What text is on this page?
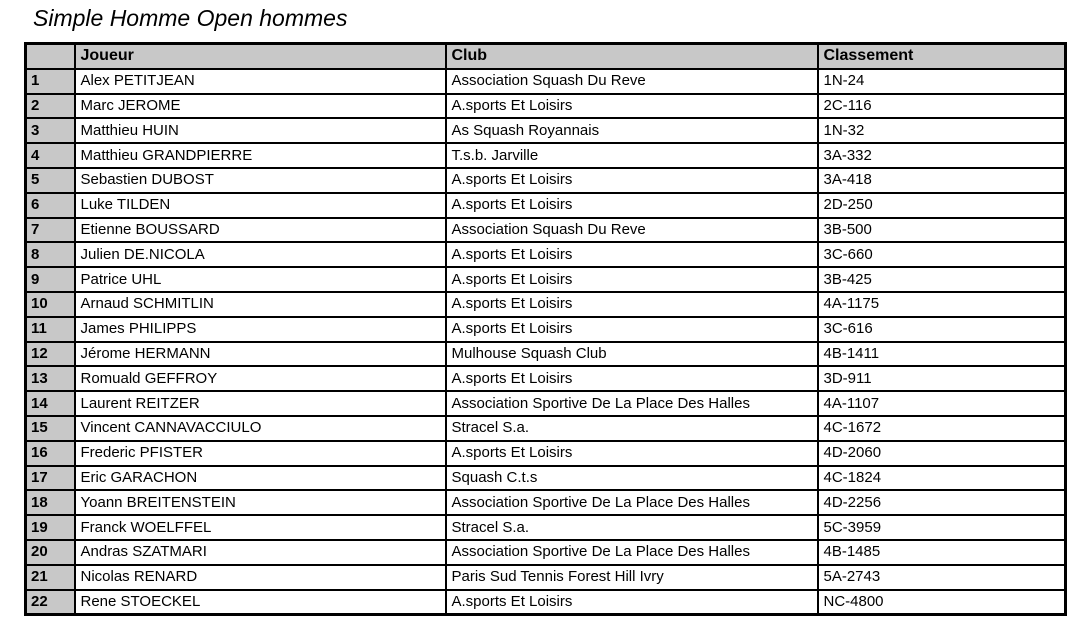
Simple Homme Open hommes
	Joueur	Club	Classement
1	Alex PETITJEAN	Association Squash Du Reve	1N-24
2	Marc JEROME	A.sports Et Loisirs	2C-116
3	Matthieu HUIN	As Squash Royannais	1N-32
4	Matthieu GRANDPIERRE	T.s.b. Jarville	3A-332
5	Sebastien DUBOST	A.sports Et Loisirs	3A-418
6	Luke TILDEN	A.sports Et Loisirs	2D-250
7	Etienne BOUSSARD	Association Squash Du Reve	3B-500
8	Julien DE.NICOLA	A.sports Et Loisirs	3C-660
9	Patrice UHL	A.sports Et Loisirs	3B-425
10	Arnaud SCHMITLIN	A.sports Et Loisirs	4A-1175
11	James PHILIPPS	A.sports Et Loisirs	3C-616
12	Jérome HERMANN	Mulhouse Squash Club	4B-1411
13	Romuald GEFFROY	A.sports Et Loisirs	3D-911
14	Laurent REITZER	Association Sportive De La Place Des Halles	4A-1107
15	Vincent CANNAVACCIULO	Stracel S.a.	4C-1672
16	Frederic PFISTER	A.sports Et Loisirs	4D-2060
17	Eric GARACHON	Squash C.t.s	4C-1824
18	Yoann BREITENSTEIN	Association Sportive De La Place Des Halles	4D-2256
19	Franck WOELFFEL	Stracel S.a.	5C-3959
20	Andras SZATMARI	Association Sportive De La Place Des Halles	4B-1485
21	Nicolas RENARD	Paris Sud Tennis Forest Hill Ivry	5A-2743
22	Rene STOECKEL	A.sports Et Loisirs	NC-4800
